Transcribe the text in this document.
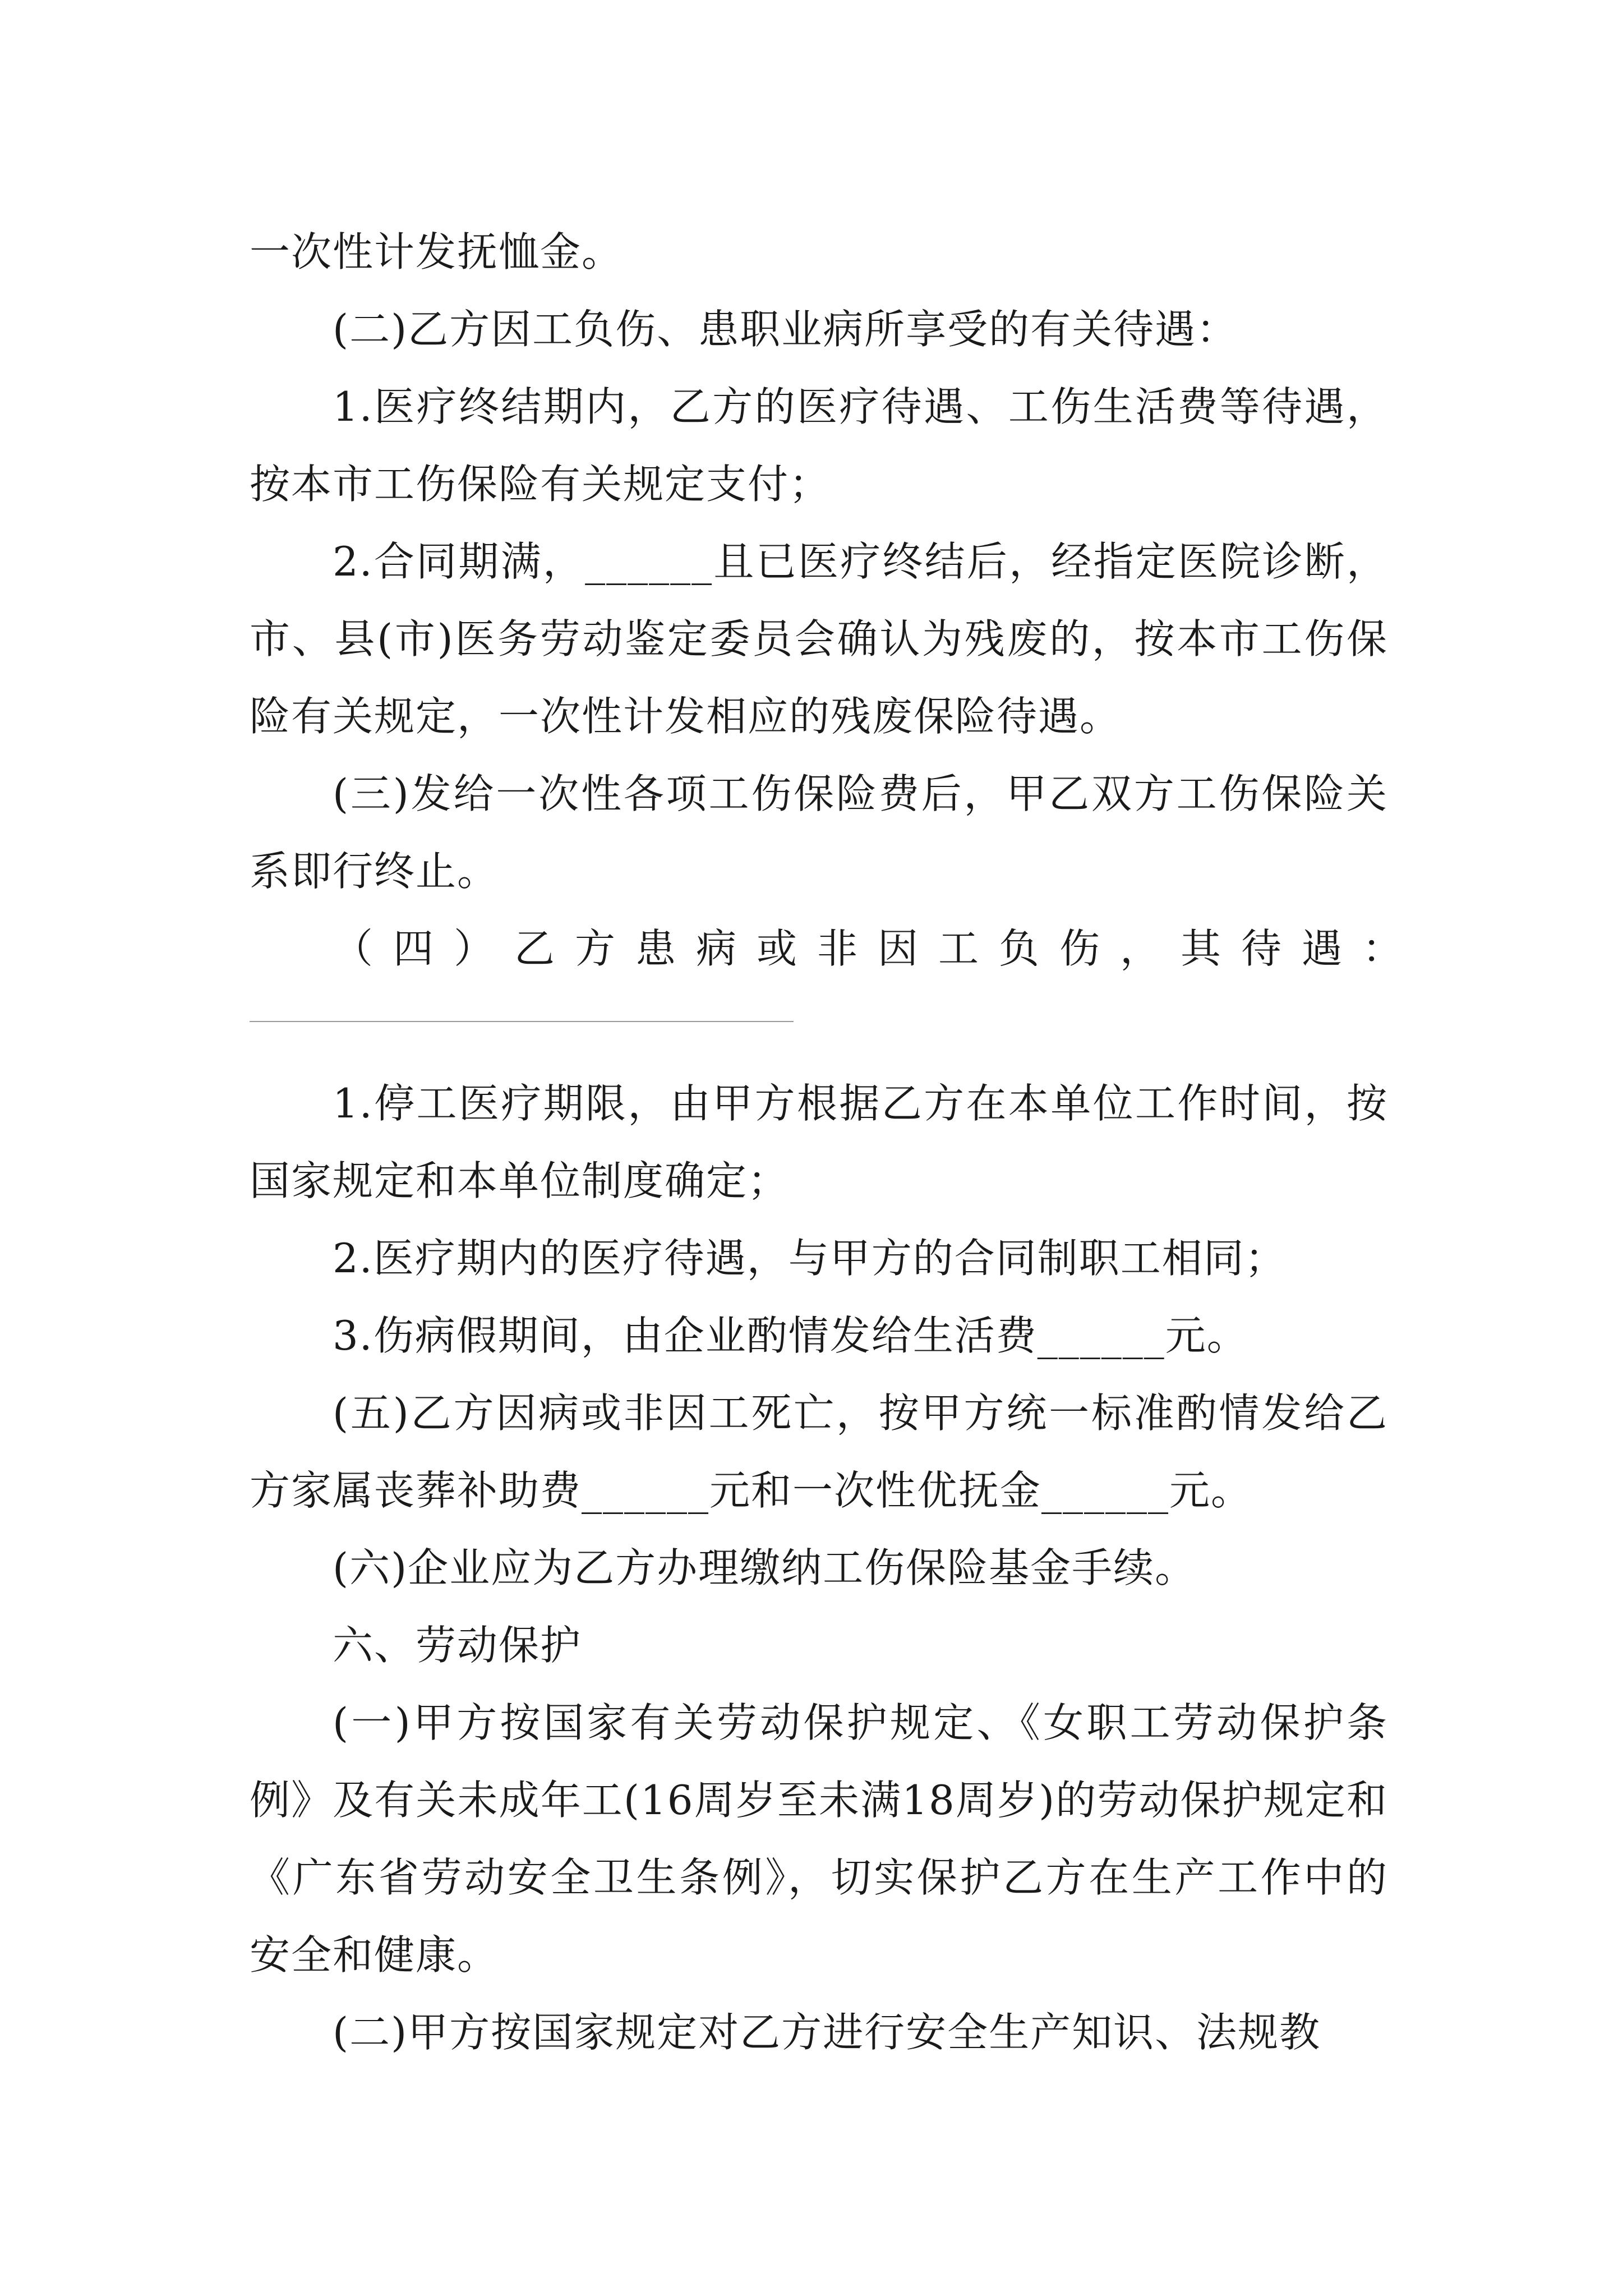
一次性计发抚恤金。

(二)乙方因工负伤、患职业病所享受的有关待遇：

1.医疗终结期内，乙方的医疗待遇、工伤生活费等待遇，按本市工伤保险有关规定支付；

2.合同期满，______且已医疗终结后，经指定医院诊断，市、县(市)医务劳动鉴定委员会确认为残废的，按本市工伤保险有关规定，一次性计发相应的残废保险待遇。

(三)发给一次性各项工伤保险费后，甲乙双方工伤保险关系即行终止。

（四）乙方患病或非因工负伤，其待遇：

1.停工医疗期限，由甲方根据乙方在本单位工作时间，按国家规定和本单位制度确定；

2.医疗期内的医疗待遇，与甲方的合同制职工相同；

3.伤病假期间，由企业酌情发给生活费______元。

(五)乙方因病或非因工死亡，按甲方统一标准酌情发给乙方家属丧葬补助费______元和一次性优抚金______元。

(六)企业应为乙方办理缴纳工伤保险基金手续。

六、劳动保护

(一)甲方按国家有关劳动保护规定、《女职工劳动保护条例》及有关未成年工(16周岁至未满18周岁)的劳动保护规定和《广东省劳动安全卫生条例》，切实保护乙方在生产工作中的安全和健康。

(二)甲方按国家规定对乙方进行安全生产知识、法规教
